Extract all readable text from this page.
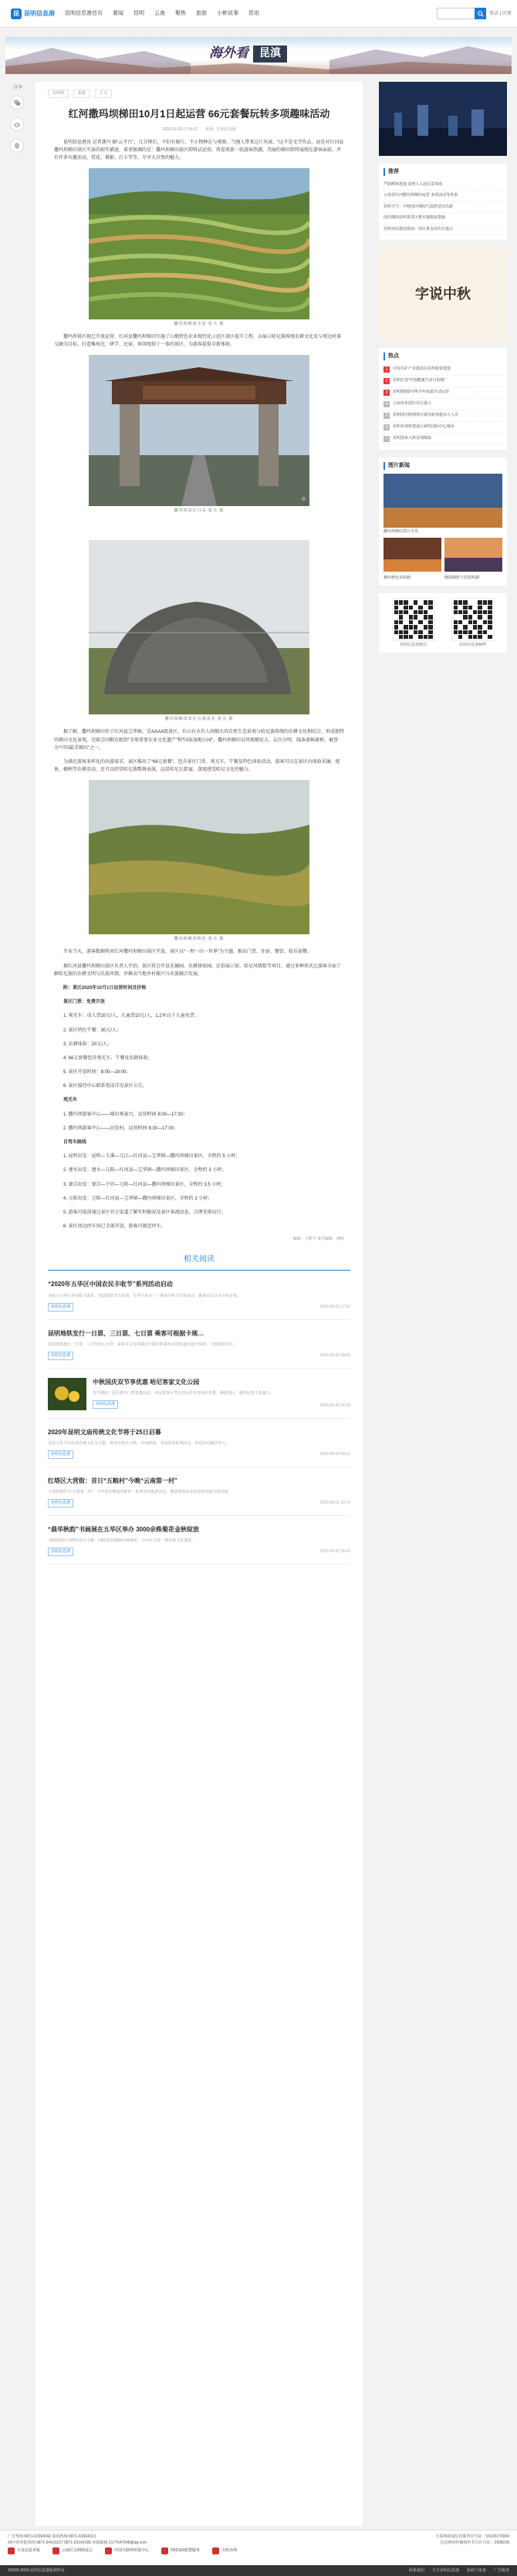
昆 昆明信息港 昆明信息港首页 要闻 昆明 云南 聚焦 旅游 小彬说事 资讯	登录 | 注册
海外看	昆滇
分享
昆明网	旅游	正文
红河撒玛坝梯田10月1日起运营 66元套餐玩转多项趣味活动
2020-09-29 17:06:11 来源：昆明信息港

昆明信息港讯 记者龚丹 据“云平台”，几分钟后，不但有图片，不止物种在与观察、当地人带来这片风景，“这不是文学作品，而是对红河县撒玛坝梯田景区实景的如实描述，着重强调的是：撒玛坝梯田景区即将试运营，将迎来新一轮游客热潮，美丽的梯田即将展现在游客面前，并有许多有趣活动，赏花、摄影、打卡等等，尽享大自然的魅力。

撒玛坝梯田全景 张兴 摄

撒玛坝景区现已开放运营，红河县撒玛坝梯田实施了山地特色农业现代化示范区景区提升工程，以展示哈尼族传统农耕文化及与周边村落交融为目标，打造集观光、研学、民宿、休闲度假于一体的景区，为游客提供全新体验。

◎
撒玛坝景区门头 张兴 摄
撒玛坝梯田景区石刻景名 张兴 摄

据了解，撒玛坝梯田位于红河县宝华镇，是AAAA级景区，有山有水有人间烟火的自然生态景观与哈尼族传统的农耕文化相结合，形成独特的梯田文化景观，是联合国粮农组织“全球重要农业文化遗产”和“国家湿地公园”。撒玛坝梯田以其规模宏大、层次分明、线条流畅著称，被誉为“中国最美梯田”之一。

为满足游客多样化的出游需求，景区推出了“66元套餐”，包含景区门票、观光车、午餐及特色体验活动，游客可以在景区内体验采摘、捉鱼、插秧等农耕活动，还可以欣赏哈尼族歌舞表演，品尝哈尼长街宴，深度感受哈尼文化的魅力。

撒玛坝梯田秋色 张兴 摄

开业当天，游客数据将对红河撒玛坝梯田景区开放，景区以“一坝一田一世界”为主题，推出门票、住宿、餐饮、娱乐套餐。

据红河县撒玛坝梯田景区负责人介绍，景区将会开设采摘园、农耕体验园、民俗展示馆、哈尼风情街等项目，通过多种形式让游客全面了解哈尼族的农耕文明与民族风情，并推动当地乡村振兴与农旅融合发展。

附：景区2020年10月1日运营时间及价格

景区门票：免费开放

1. 观光车：成人票20元/人，儿童票10元/人，1.2米以下儿童免票；

2. 景区特色午餐：30元/人；

3. 农耕体验：20元/人；

4. 66元套餐包含观光车、午餐及农耕体验；

5. 景区开放时间：8:00—18:00；

6. 景区接待中心联系电话详见景区公告。

观光车

1. 撒玛坝游客中心——梯田观景台，运营时间 8:00—17:30；

2. 撒玛坝游客中心——民俗村，运营时间 8:30—17:00；

自驾车路线

1. 昆明出发：昆明—玉溪—元江—红河县—宝华镇—撒玛坝梯田景区，全程约 5 小时；

2. 建水出发：建水—元阳—红河县—宝华镇—撒玛坝梯田景区，全程约 3 小时；

3. 蒙自出发：蒙自—个旧—元阳—红河县—撒玛坝梯田景区，全程约 3.5 小时；

4. 元阳出发：元阳—红河县—宝华镇—撒玛坝梯田景区，全程约 2 小时；

5. 游客可提前通过景区官方渠道了解实时路况及景区客流信息，合理安排出行；

6. 景区周边停车场已全部开放，游客可就近停车。

编辑：王维平 责任编辑：郭明
相关阅读
“2020年五华区中国农民丰收节”系列活动启动
为展示五华区乡村振兴成果，营造浓厚节日氛围，五华区举办了一系列丰收节庆祝活动，邀请市民共享丰收喜悦。
昆明信息港	2020-09-23 17:02
昆明地铁发行一日票、三日票、七日票 乘客可根据卡规…
昆明地铁推出一日票、三日票和七日票，乘客可在有效期内不限次数乘坐昆明轨道交通全线网，方便游客出行。
昆明信息港	2020-09-22 08:59
中秋国庆双节享优惠 哈尼客家文化公园
双节期间，园区推出门票优惠活动，市民游客可凭有效证件享受相应优惠，畅游园区，感受民族文化魅力。
昆明信息港	2020-09-28 16:38
2020年昆明文庙传统文化节将于25日启幕
本届文化节以传承传统文化为主题，将举办祭孔大典、诗词朗诵、书法展等系列活动，欢迎市民踊跃参与。
昆明信息港	2020-09-24 09:21
红塔区大营街：首日“五粮村”今晚“云南第一村”
大营街镇作为“云南第一村”，今年国庆期间将推出一系列乡村旅游活动，邀请游客前来体验乡村振兴新风貌。
昆明信息港	2020-09-21 10:19
“晨华秋韵”书画展在五华区举办 3000余株菊花金秋绽放
书画展展出书画作品百余幅，同时展出3000余株菊花，为市民呈现一场金秋文化盛宴。
昆明信息港	2020-09-25 15:42
推荐
严防鳄鱼逃逸 昆明人入园注意事项
云南省红河撒玛坝梯田运营 多项活动等你来
昆明天气：中秋国庆期间气温舒适宜出游
国庆期间昆明各景区将实施限流措施
昆明市民游园指南：国庆黄金周出行提示
字说中秋
热点
1	中国五矿产业集团在昆明投资建设
2	昆明打造“中国健康生活目的地”
3	昆明地铁5号线今年底通车试运营
4	云南发布国庆出行提示
5	昆明国庆假期预计接待游客超百万人次
6	昆明市加快建设区域性国际中心城市
7	昆明迎来入秋首场降温
图片新闻
撒玛坝梯田景区全景
梯田秋色美如画	晚霞映照下的昆明湖
昆明信息港微信	昆明信息港APP
广告热线:0871-63364042 新闻热线:0871-63364113
24小时举报热线:0871-64101107 0871-63164105 举报邮箱:2177647948@qq.com
互联网新闻信息服务许可证：53120170004
信息网络传播视听节目许可证：2508228
不良信息举报	云南打击网络谣言	中国互联网举报中心	网络110报警服务	文明办网
©2000-2020 昆明信息港版权所有	联系我们 关于昆明信息港 版权与免责 广告服务
